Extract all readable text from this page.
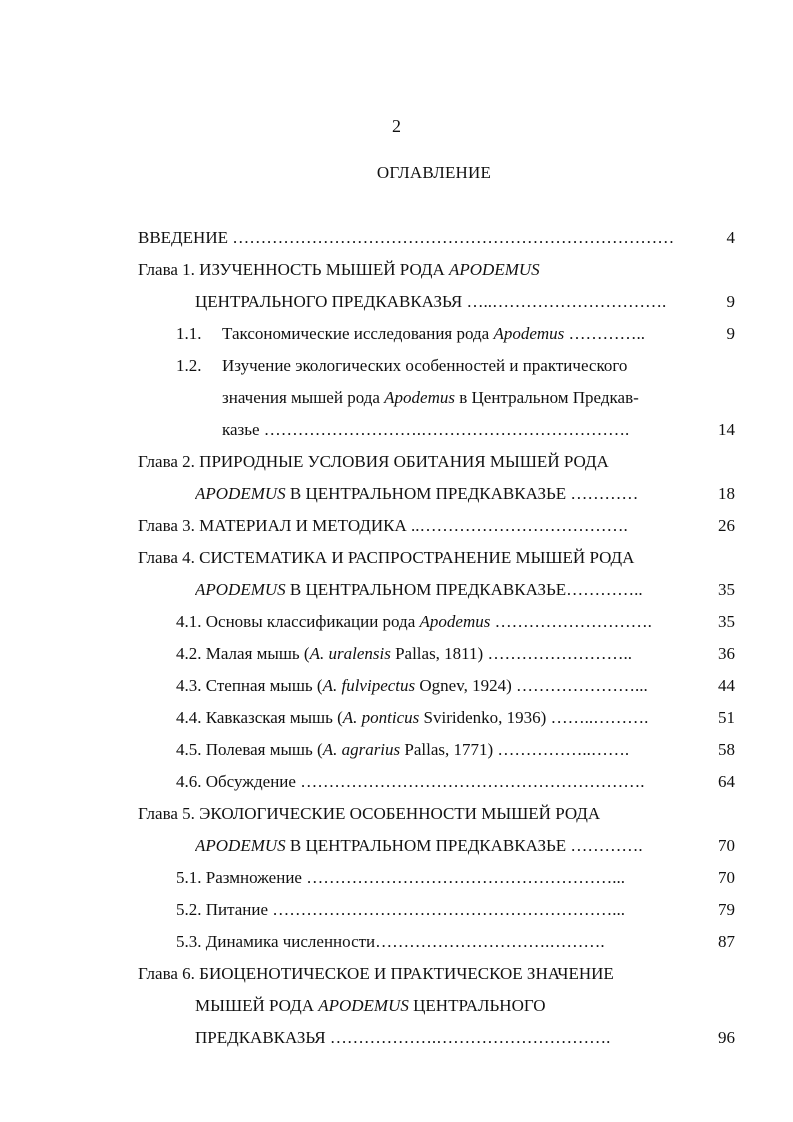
2
ОГЛАВЛЕНИЕ
ВВЕДЕНИЕ ……………………………………………………………………	4
Глава 1. ИЗУЧЕННОСТЬ МЫШЕЙ РОДА APODEMUS
ЦЕНТРАЛЬНОГО ПРЕДКАВКАЗЬЯ …..………………………….	9
1.1. Таксономические исследования рода Apodemus …………..	9
1.2. Изучение экологических особенностей и практического
значения мышей рода Apodemus в Центральном Предкав-
казье ……………………….……………………………….	14
Глава 2. ПРИРОДНЫЕ УСЛОВИЯ ОБИТАНИЯ МЫШЕЙ РОДА
APODEMUS В ЦЕНТРАЛЬНОМ ПРЕДКАВКАЗЬЕ …………	18
Глава 3. МАТЕРИАЛ И МЕТОДИКА ..……………………………….	26
Глава 4. СИСТЕМАТИКА И РАСПРОСТРАНЕНИЕ МЫШЕЙ РОДА
APODEMUS В ЦЕНТРАЛЬНОМ ПРЕДКАВКАЗЬЕ…………..	35
4.1. Основы классификации рода Apodemus ……………………….	35
4.2. Малая мышь (A. uralensis Pallas, 1811) ……………………..	36
4.3. Степная мышь (A. fulvipectus Ognev, 1924) …………………...	44
4.4. Кавказская мышь (A. ponticus Sviridenko, 1936) ……..……….	51
4.5. Полевая мышь (A. agrarius Pallas, 1771) ……………..…….	58
4.6. Обсуждение …………………………………………………….	64
Глава 5. ЭКОЛОГИЧЕСКИЕ ОСОБЕННОСТИ МЫШЕЙ РОДА
APODEMUS В ЦЕНТРАЛЬНОМ ПРЕДКАВКАЗЬЕ ………….	70
5.1. Размножение ………………………………………………...	70
5.2. Питание ……………………………………………………...	79
5.3. Динамика численности………………………….……….	87
Глава 6. БИОЦЕНОТИЧЕСКОЕ И ПРАКТИЧЕСКОЕ ЗНАЧЕНИЕ
МЫШЕЙ РОДА APODEMUS ЦЕНТРАЛЬНОГО
ПРЕДКАВКАЗЬЯ ……………….………………………….	96
